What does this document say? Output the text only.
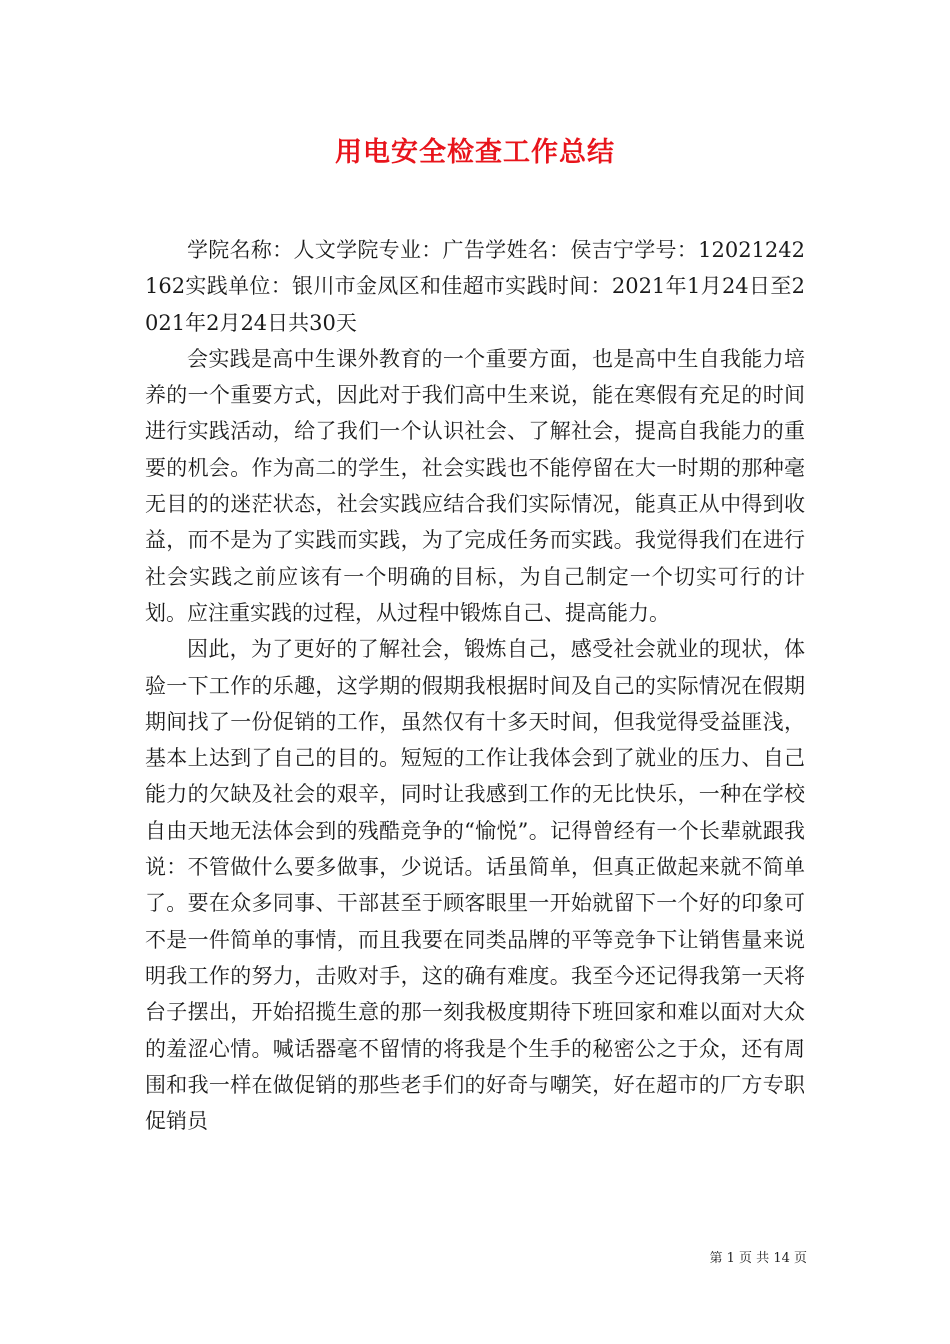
用电安全检查工作总结

学院名称：人文学院专业：广告学姓名：侯吉宁学号：12021242162实践单位：银川市金凤区和佳超市实践时间：2021年1月24日至2021年2月24日共30天

会实践是高中生课外教育的一个重要方面，也是高中生自我能力培养的一个重要方式，因此对于我们高中生来说，能在寒假有充足的时间进行实践活动，给了我们一个认识社会、了解社会，提高自我能力的重要的机会。作为高二的学生，社会实践也不能停留在大一时期的那种毫无目的的迷茫状态，社会实践应结合我们实际情况，能真正从中得到收益，而不是为了实践而实践，为了完成任务而实践。我觉得我们在进行社会实践之前应该有一个明确的目标，为自己制定一个切实可行的计划。应注重实践的过程，从过程中锻炼自己、提高能力。

因此，为了更好的了解社会，锻炼自己，感受社会就业的现状，体验一下工作的乐趣，这学期的假期我根据时间及自己的实际情况在假期期间找了一份促销的工作，虽然仅有十多天时间，但我觉得受益匪浅，基本上达到了自己的目的。短短的工作让我体会到了就业的压力、自己能力的欠缺及社会的艰辛，同时让我感到工作的无比快乐，一种在学校自由天地无法体会到的残酷竞争的“愉悦”。记得曾经有一个长辈就跟我说：不管做什么要多做事，少说话。话虽简单，但真正做起来就不简单了。要在众多同事、干部甚至于顾客眼里一开始就留下一个好的印象可不是一件简单的事情，而且我要在同类品牌的平等竞争下让销售量来说明我工作的努力，击败对手，这的确有难度。我至今还记得我第一天将台子摆出，开始招揽生意的那一刻我极度期待下班回家和难以面对大众的羞涩心情。喊话器毫不留情的将我是个生手的秘密公之于众，还有周围和我一样在做促销的那些老手们的好奇与嘲笑，好在超市的厂方专职促销员

第 1 页 共 14 页
